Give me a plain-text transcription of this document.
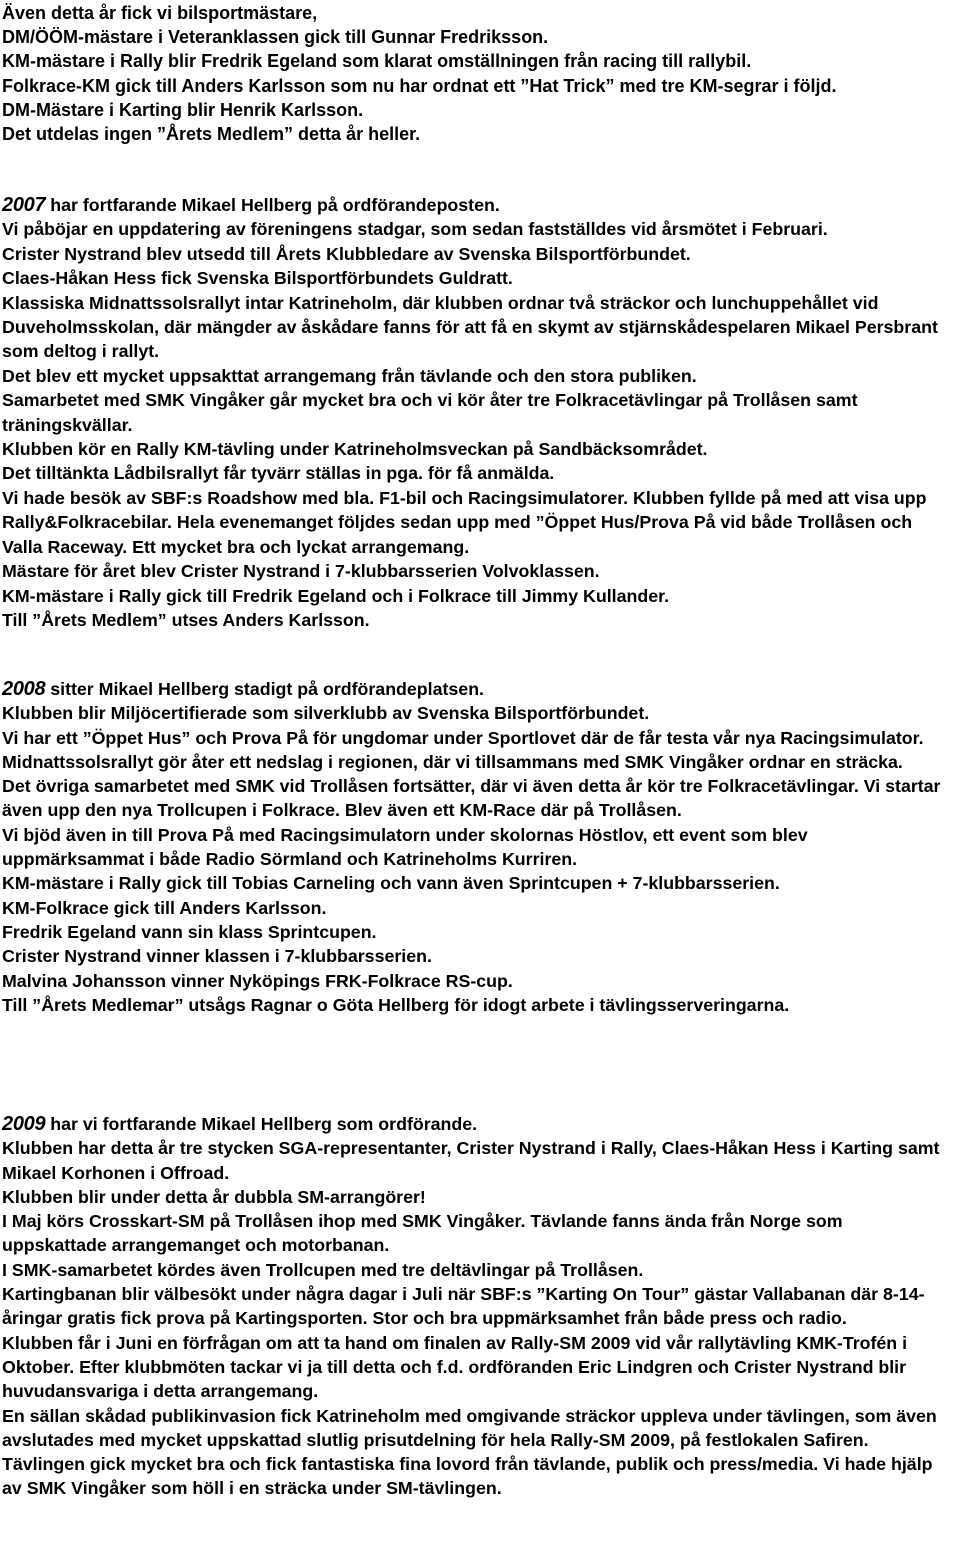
Även detta år fick vi bilsportmästare,

DM/ÖÖM-mästare i Veteranklassen gick till Gunnar Fredriksson.

KM-mästare i Rally blir Fredrik Egeland som klarat omställningen från racing till rallybil.

Folkrace-KM gick till Anders Karlsson som nu har ordnat ett ”Hat Trick” med tre KM-segrar i följd.

DM-Mästare i Karting blir Henrik Karlsson.

Det utdelas ingen ”Årets Medlem” detta år heller.

2007 har fortfarande Mikael Hellberg på ordförandeposten.

Vi påböjar en uppdatering av föreningens stadgar, som sedan fastställdes vid årsmötet i Februari.

Crister Nystrand blev utsedd till Årets Klubbledare av Svenska Bilsportförbundet.

Claes-Håkan Hess fick Svenska Bilsportförbundets Guldratt.

Klassiska Midnattssolsrallyt intar Katrineholm, där klubben ordnar två sträckor och lunchuppehållet vid Duveholmsskolan, där mängder av åskådare fanns för att få en skymt av stjärnskådespelaren Mikael Persbrant som deltog i rallyt.

Det blev ett mycket uppsakttat arrangemang från tävlande och den stora publiken.

Samarbetet med SMK Vingåker går mycket bra och vi kör åter tre Folkracetävlingar på Trollåsen samt träningskvällar.

Klubben kör en Rally KM-tävling under Katrineholmsveckan på Sandbäcksområdet.

Det tilltänkta Lådbilsrallyt får tyvärr ställas in pga. för få anmälda.

Vi hade besök av SBF:s Roadshow med bla. F1-bil och Racingsimulatorer. Klubben fyllde på med att visa upp Rally&Folkracebilar. Hela evenemanget följdes sedan upp med ”Öppet Hus/Prova På vid både Trollåsen och Valla Raceway. Ett mycket bra och lyckat arrangemang.

Mästare för året blev Crister Nystrand i 7-klubbarsserien Volvoklassen.

KM-mästare i Rally gick till Fredrik Egeland och i Folkrace till Jimmy Kullander.

Till ”Årets Medlem” utses Anders Karlsson.

2008 sitter Mikael Hellberg stadigt på ordförandeplatsen.

Klubben blir Miljöcertifierade som silverklubb av Svenska Bilsportförbundet.

Vi har ett ”Öppet Hus” och Prova På för ungdomar under Sportlovet där de får testa vår nya Racingsimulator.

Midnattssolsrallyt gör åter ett nedslag i regionen, där vi tillsammans med SMK Vingåker ordnar en sträcka.

Det övriga samarbetet med SMK vid Trollåsen fortsätter, där vi även detta år kör tre Folkracetävlingar. Vi startar även upp den nya Trollcupen i Folkrace. Blev även ett KM-Race där på Trollåsen.

Vi bjöd även in till Prova På med Racingsimulatorn under skolornas Höstlov, ett event som blev uppmärksammat i både Radio Sörmland och Katrineholms Kurriren.

KM-mästare i Rally gick till Tobias Carneling och vann även Sprintcupen + 7-klubbarsserien.

KM-Folkrace gick till Anders Karlsson.

Fredrik Egeland vann sin klass Sprintcupen.

Crister Nystrand vinner klassen i 7-klubbarsserien.

Malvina Johansson vinner Nyköpings FRK-Folkrace RS-cup.

Till ”Årets Medlemar” utsågs Ragnar o Göta Hellberg för idogt arbete i tävlingsserveringarna.

2009 har vi fortfarande Mikael Hellberg som ordförande.

Klubben har detta år tre stycken SGA-representanter, Crister Nystrand i Rally, Claes-Håkan Hess i Karting samt Mikael Korhonen i Offroad.

Klubben blir under detta år dubbla SM-arrangörer!

I Maj körs Crosskart-SM på Trollåsen ihop med SMK Vingåker. Tävlande fanns ända från Norge som uppskattade arrangemanget och motorbanan.

I SMK-samarbetet kördes även Trollcupen med tre deltävlingar på Trollåsen.

Kartingbanan blir välbesökt under några dagar i Juli när SBF:s ”Karting On Tour” gästar Vallabanan där 8-14-åringar gratis fick prova på Kartingsporten. Stor och bra uppmärksamhet från både press och radio.

Klubben får i Juni en förfrågan om att ta hand om finalen av Rally-SM 2009 vid vår rallytävling KMK-Trofén i Oktober. Efter klubbmöten tackar vi ja till detta och f.d. ordföranden Eric Lindgren och Crister Nystrand blir huvudansvariga i detta arrangemang.

En sällan skådad publikinvasion fick Katrineholm med omgivande sträckor uppleva under tävlingen, som även avslutades med mycket uppskattad slutlig prisutdelning för hela Rally-SM 2009, på festlokalen Safiren.

Tävlingen gick mycket bra och fick fantastiska fina lovord från tävlande, publik och press/media. Vi hade hjälp av SMK Vingåker som höll i en sträcka under SM-tävlingen.
